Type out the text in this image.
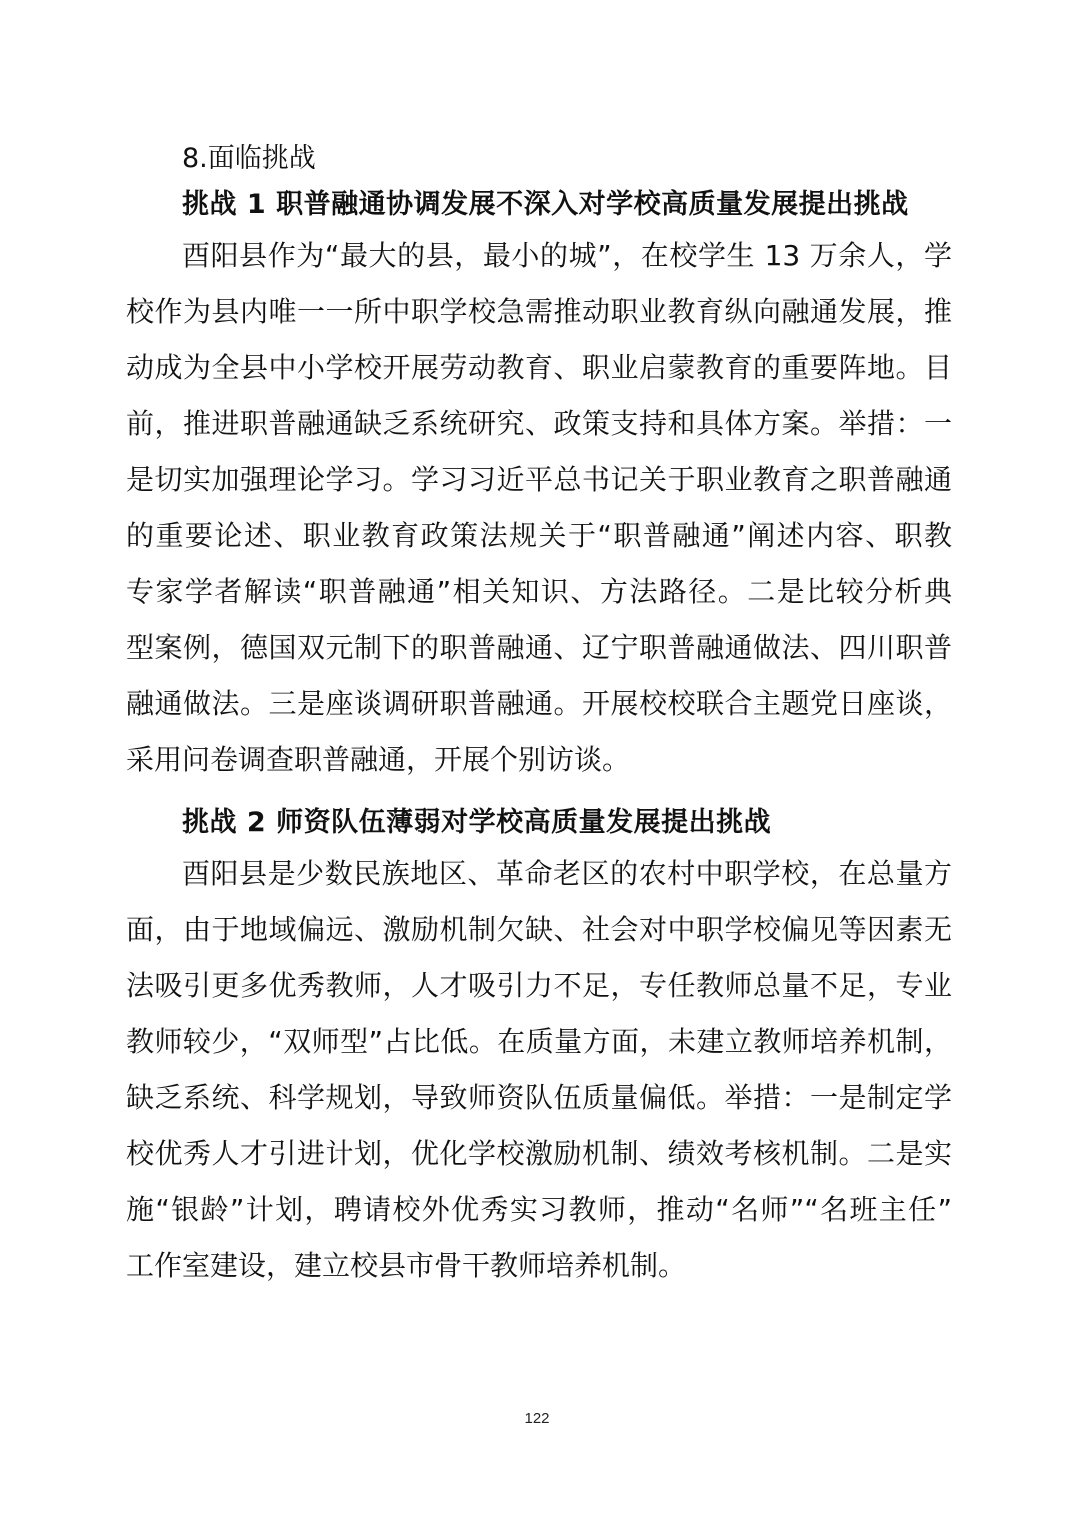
8.面临挑战

挑战 1 职普融通协调发展不深入对学校高质量发展提出挑战

酉阳县作为“最大的县，最小的城”，在校学生 13 万余人，学

校作为县内唯一一所中职学校急需推动职业教育纵向融通发展，推

动成为全县中小学校开展劳动教育、职业启蒙教育的重要阵地。目

前，推进职普融通缺乏系统研究、政策支持和具体方案。举措：一

是切实加强理论学习。学习习近平总书记关于职业教育之职普融通

的重要论述、职业教育政策法规关于“职普融通”阐述内容、职教

专家学者解读“职普融通”相关知识、方法路径。二是比较分析典

型案例，德国双元制下的职普融通、辽宁职普融通做法、四川职普

融通做法。三是座谈调研职普融通。开展校校联合主题党日座谈，

采用问卷调查职普融通，开展个别访谈。

挑战 2 师资队伍薄弱对学校高质量发展提出挑战

酉阳县是少数民族地区、革命老区的农村中职学校，在总量方

面，由于地域偏远、激励机制欠缺、社会对中职学校偏见等因素无

法吸引更多优秀教师，人才吸引力不足，专任教师总量不足，专业

教师较少，“双师型”占比低。在质量方面，未建立教师培养机制，

缺乏系统、科学规划，导致师资队伍质量偏低。举措：一是制定学

校优秀人才引进计划，优化学校激励机制、绩效考核机制。二是实

施“银龄”计划，聘请校外优秀实习教师，推动“名师”“名班主任”

工作室建设，建立校县市骨干教师培养机制。

122
